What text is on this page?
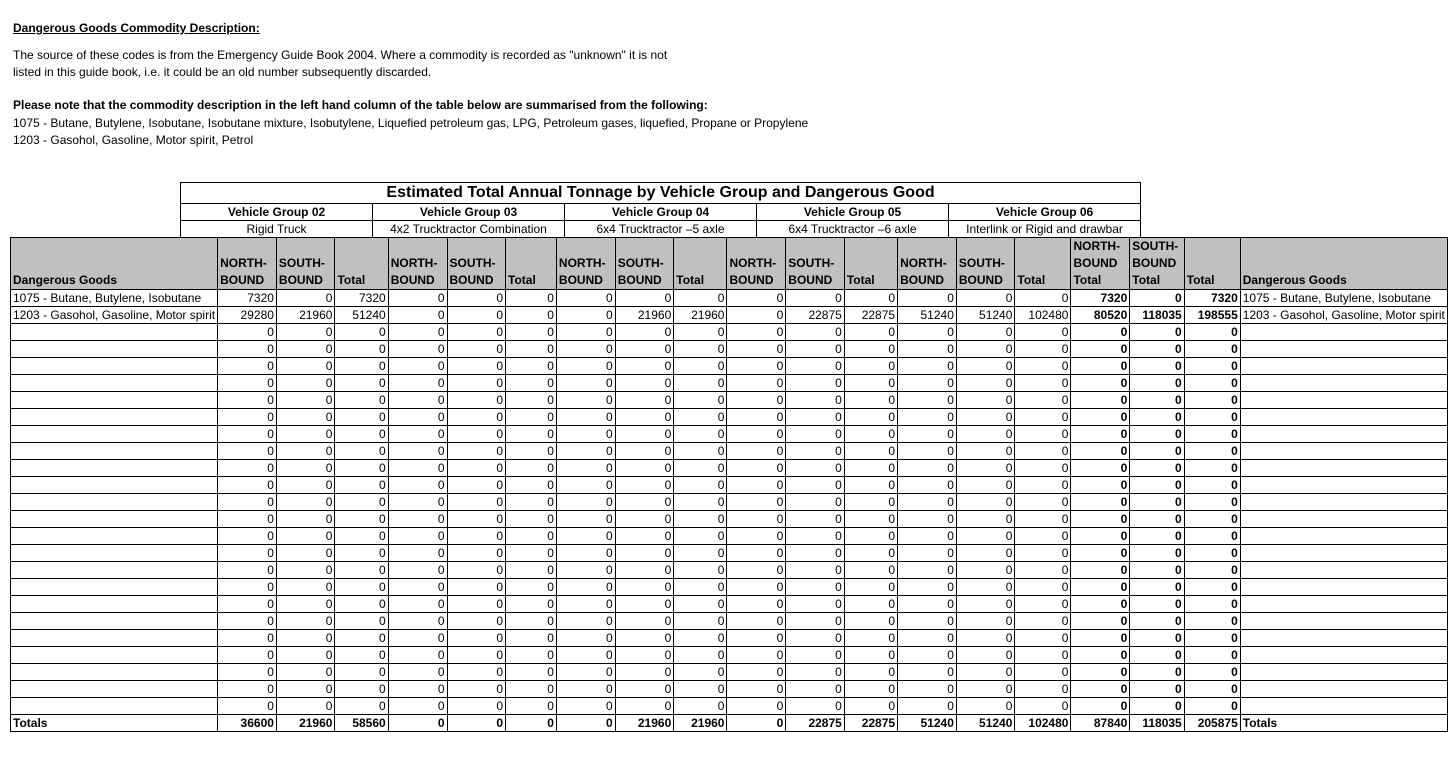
Dangerous Goods Commodity Description:
The source of these codes is from the Emergency Guide Book 2004. Where a commodity is recorded as "unknown" it is not
listed in this guide book, i.e. it could be an old number subsequently discarded.
Please note that the commodity description in the left hand column of the table below are summarised from the following:
1075 - Butane, Butylene, Isobutane, Isobutane mixture, Isobutylene, Liquefied petroleum gas, LPG, Petroleum gases, liquefied, Propane or Propylene
1203 - Gasohol, Gasoline, Motor spirit, Petrol
Estimated Total Annual Tonnage by Vehicle Group and Dangerous Good				
Vehicle Group 02	Vehicle Group 03	Vehicle Group 04	Vehicle Group 05	Vehicle Group 06
Rigid Truck	4x2 Trucktractor Combination	6x4 Trucktractor –5 axle	6x4 Trucktractor –6 axle	Interlink or Rigid and drawbar
Dangerous Goods	NORTH-BOUND	SOUTH-BOUND	Total	NORTH-BOUND	SOUTH-BOUND	Total	NORTH-BOUND	SOUTH-BOUND	Total	NORTH-BOUND	SOUTH-BOUND	Total	NORTH-BOUND	SOUTH-BOUND	Total	NORTH-BOUND Total	SOUTH-BOUND Total	Total	Dangerous Goods
1075 - Butane, Butylene, Isobutane	7320	0	7320	0	0	0	0	0	0	0	0	0	0	0	0	7320	0	7320	1075 - Butane, Butylene, Isobutane
1203 - Gasohol, Gasoline, Motor spirit	29280	21960	51240	0	0	0	0	21960	21960	0	22875	22875	51240	51240	102480	80520	118035	198555	1203 - Gasohol, Gasoline, Motor spirit
	0	0	0	0	0	0	0	0	0	0	0	0	0	0	0	0	0	0	
	0	0	0	0	0	0	0	0	0	0	0	0	0	0	0	0	0	0	
	0	0	0	0	0	0	0	0	0	0	0	0	0	0	0	0	0	0	
	0	0	0	0	0	0	0	0	0	0	0	0	0	0	0	0	0	0	
	0	0	0	0	0	0	0	0	0	0	0	0	0	0	0	0	0	0	
	0	0	0	0	0	0	0	0	0	0	0	0	0	0	0	0	0	0	
	0	0	0	0	0	0	0	0	0	0	0	0	0	0	0	0	0	0	
	0	0	0	0	0	0	0	0	0	0	0	0	0	0	0	0	0	0	
	0	0	0	0	0	0	0	0	0	0	0	0	0	0	0	0	0	0	
	0	0	0	0	0	0	0	0	0	0	0	0	0	0	0	0	0	0	
	0	0	0	0	0	0	0	0	0	0	0	0	0	0	0	0	0	0	
	0	0	0	0	0	0	0	0	0	0	0	0	0	0	0	0	0	0	
	0	0	0	0	0	0	0	0	0	0	0	0	0	0	0	0	0	0	
	0	0	0	0	0	0	0	0	0	0	0	0	0	0	0	0	0	0	
	0	0	0	0	0	0	0	0	0	0	0	0	0	0	0	0	0	0	
	0	0	0	0	0	0	0	0	0	0	0	0	0	0	0	0	0	0	
	0	0	0	0	0	0	0	0	0	0	0	0	0	0	0	0	0	0	
	0	0	0	0	0	0	0	0	0	0	0	0	0	0	0	0	0	0	
	0	0	0	0	0	0	0	0	0	0	0	0	0	0	0	0	0	0	
	0	0	0	0	0	0	0	0	0	0	0	0	0	0	0	0	0	0	
	0	0	0	0	0	0	0	0	0	0	0	0	0	0	0	0	0	0	
	0	0	0	0	0	0	0	0	0	0	0	0	0	0	0	0	0	0	
	0	0	0	0	0	0	0	0	0	0	0	0	0	0	0	0	0	0	
Totals	36600	21960	58560	0	0	0	0	21960	21960	0	22875	22875	51240	51240	102480	87840	118035	205875	Totals
